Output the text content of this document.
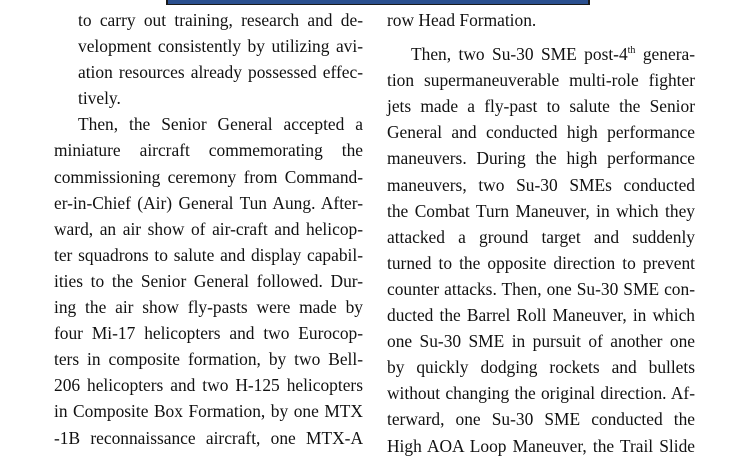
to carry out training, research and de-
velopment consistently by utilizing avi-
ation resources already possessed effec-
tively.
Then, the Senior General accepted a
miniature aircraft commemorating the
commissioning ceremony from Command-
er-in-Chief (Air) General Tun Aung. After-
ward, an air show of air-craft and helicop-
ter squadrons to salute and display capabil-
ities to the Senior General followed. Dur-
ing the air show fly-pasts were made by
four Mi-17 helicopters and two Eurocop-
ters in composite formation, by two Bell-
206 helicopters and two H-125 helicopters
in Composite Box Formation, by one MTX
-1B reconnaissance aircraft, one MTX-A
row Head Formation.
Then, two Su-30 SME post-4th genera-
tion supermaneuverable multi-role fighter
jets made a fly-past to salute the Senior
General and conducted high performance
maneuvers. During the high performance
maneuvers, two Su-30 SMEs conducted
the Combat Turn Maneuver, in which they
attacked a ground target and suddenly
turned to the opposite direction to prevent
counter attacks. Then, one Su-30 SME con-
ducted the Barrel Roll Maneuver, in which
one Su-30 SME in pursuit of another one
by quickly dodging rockets and bullets
without changing the original direction. Af-
terward, one Su-30 SME conducted the
High AOA Loop Maneuver, the Trail Slide
